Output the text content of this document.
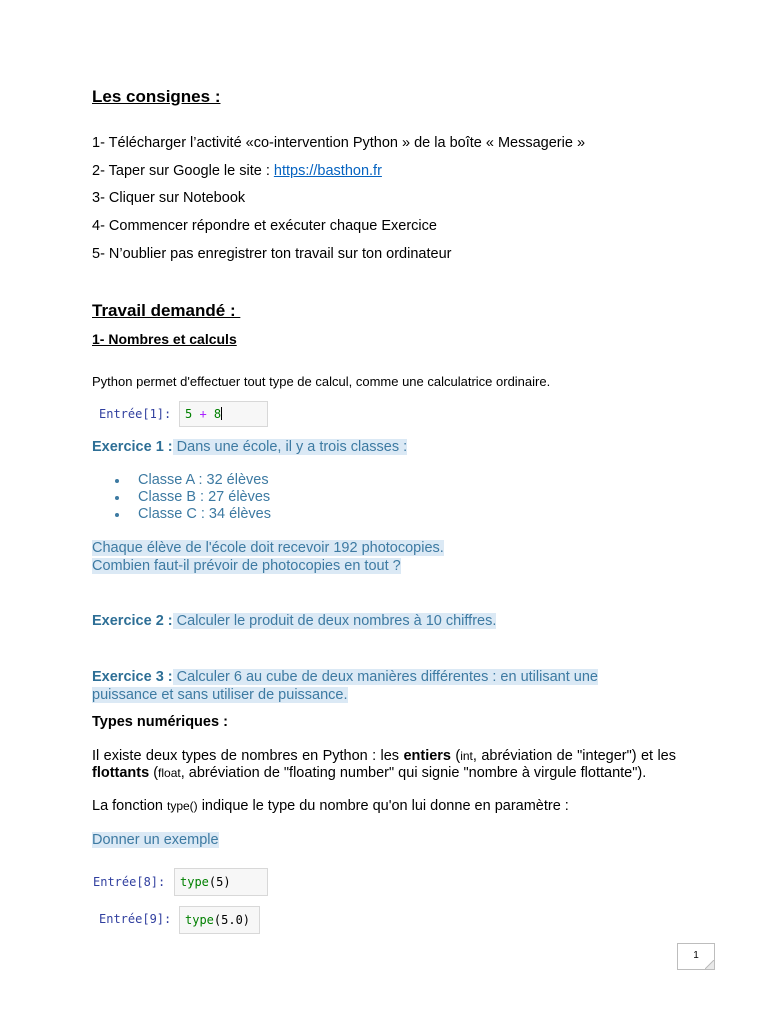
Les consignes :
1- Télécharger l’activité «co-intervention Python » de la boîte « Messagerie »
2- Taper sur Google le site : https://basthon.fr
3- Cliquer sur Notebook
4- Commencer répondre et exécuter chaque Exercice
5- N’oublier pas enregistrer ton travail sur ton ordinateur
Travail demandé :
1- Nombres et calculs
Python permet d'effectuer tout type de calcul, comme une calculatrice ordinaire.
Entrée[1]:	5 + 8
Exercice 1 : Dans une école, il y a trois classes :
Classe A : 32 élèves
Classe B : 27 élèves
Classe C : 34 élèves
Chaque élève de l'école doit recevoir 192 photocopies.
Combien faut-il prévoir de photocopies en tout ?
Exercice 2 : Calculer le produit de deux nombres à 10 chiffres.
Exercice 3 : Calculer 6 au cube de deux manières différentes : en utilisant une
puissance et sans utiliser de puissance.
Types numériques :
Il existe deux types de nombres en Python : les entiers (int, abréviation de "integer") et les flottants (float, abréviation de "floating number" qui signie "nombre à virgule flottante").
La fonction type() indique le type du nombre qu'on lui donne en paramètre :
Donner un exemple
Entrée[8]:	type(5)
Entrée[9]:	type(5.0)
1
